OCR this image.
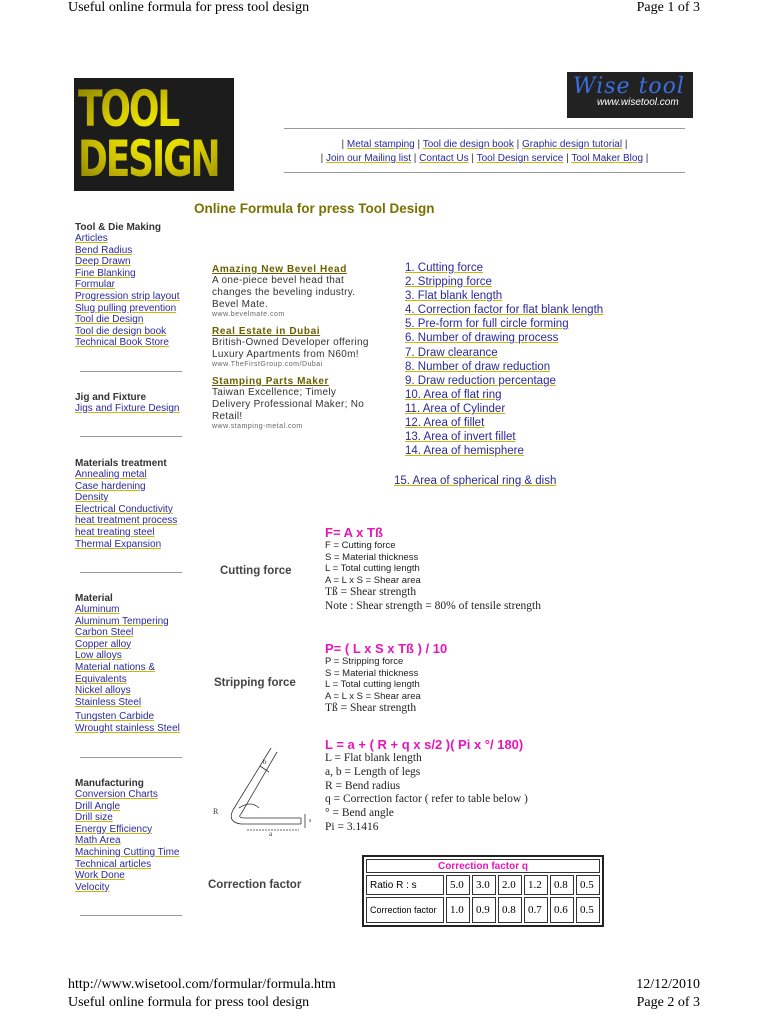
Useful online formula for press tool design	Page 1 of 3
TOOL DESIGN
Wise tool
www.wisetool.com
| Metal stamping | Tool die design book | Graphic design tutorial |
| Join our Mailing list | Contact Us | Tool Design service | Tool Maker Blog |
Online Formula for press Tool Design
Tool & Die Making
Articles
Bend Radius
Deep Drawn
Fine Blanking
Formular
Progression strip layout
Slug pulling prevention
Tool die Design
Tool die design book
Technical Book Store
Jig and Fixture
Jigs and Fixture Design
Materials treatment
Annealing metal
Case hardening
Density
Electrical Conductivity
heat treatment process
heat treating steel
Thermal Expansion
Material
Aluminum
Aluminum Tempering
Carbon Steel
Copper alloy
Low alloys
Material nations &
Equivalents
Nickel alloys
Stainless Steel
Tungsten Carbide
Wrought stainless Steel
Manufacturing
Conversion Charts
Drill Angle
Drill size
Energy Efficiency
Math Area
Machining Cutting Time
Technical articles
Work Done
Velocity
Amazing New Bevel Head
A one-piece bevel head that
changes the beveling industry.
Bevel Mate.
www.bevelmate.com
Real Estate in Dubai
British-Owned Developer offering
Luxury Apartments from N60m!
www.TheFirstGroup.com/Dubai
Stamping Parts Maker
Taiwan Excellence; Timely
Delivery Professional Maker; No
Retail!
www.stamping-metal.com
1. Cutting force
2. Stripping force
3. Flat blank length
4. Correction factor for flat blank length
5. Pre-form for full circle forming
6. Number of drawing process
7. Draw clearance
8. Number of draw reduction
9. Draw reduction percentage
10. Area of flat ring
11. Area of Cylinder
12. Area of fillet
13. Area of invert fillet
14. Area of hemisphere
15. Area of spherical ring & dish
Cutting force
F= A x Tß
F = Cutting force
S = Material thickness
L = Total cutting length
A = L x S = Shear area
Tß = Shear strength
Note : Shear strength = 80% of tensile strength
Stripping force
P= ( L x S x Tß ) / 10
P = Stripping force
S = Material thickness
L = Total cutting length
A = L x S = Shear area
Tß = Shear strength
L = a + ( R + q x s/2 )( Pi x °/ 180)
L = Flat blank length
a, b = Length of legs
R = Bend radius
q = Correction factor ( refer to table below )
° = Bend angle
Pi = 3.1416
b
R
s
a
Correction factor
Correction factor q						
Ratio R : s	5.0	3.0	2.0	1.2	0.8	0.5
Correction factor	1.0	0.9	0.8	0.7	0.6	0.5
http://www.wisetool.com/formular/formula.htm	12/12/2010
Useful online formula for press tool design	Page 2 of 3
